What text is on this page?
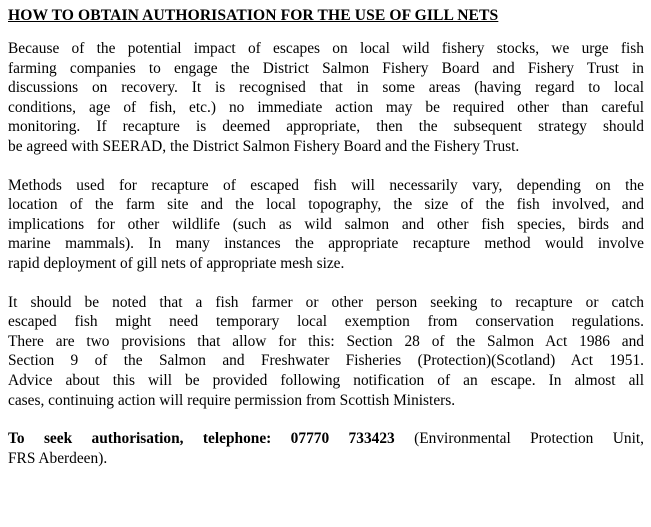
HOW TO OBTAIN AUTHORISATION FOR THE USE OF GILL NETS
Because of the potential impact of escapes on local wild fishery stocks, we urge fish
farming companies to engage the District Salmon Fishery Board and Fishery Trust in
discussions on recovery. It is recognised that in some areas (having regard to local
conditions, age of fish, etc.) no immediate action may be required other than careful
monitoring. If recapture is deemed appropriate, then the subsequent strategy should
be agreed with SEERAD, the District Salmon Fishery Board and the Fishery Trust.
Methods used for recapture of escaped fish will necessarily vary, depending on the
location of the farm site and the local topography, the size of the fish involved, and
implications for other wildlife (such as wild salmon and other fish species, birds and
marine mammals). In many instances the appropriate recapture method would involve
rapid deployment of gill nets of appropriate mesh size.
It should be noted that a fish farmer or other person seeking to recapture or catch
escaped fish might need temporary local exemption from conservation regulations.
There are two provisions that allow for this: Section 28 of the Salmon Act 1986 and
Section 9 of the Salmon and Freshwater Fisheries (Protection)(Scotland) Act 1951.
Advice about this will be provided following notification of an escape. In almost all
cases, continuing action will require permission from Scottish Ministers.
To seek authorisation, telephone: 07770 733423 (Environmental Protection Unit,
FRS Aberdeen).
